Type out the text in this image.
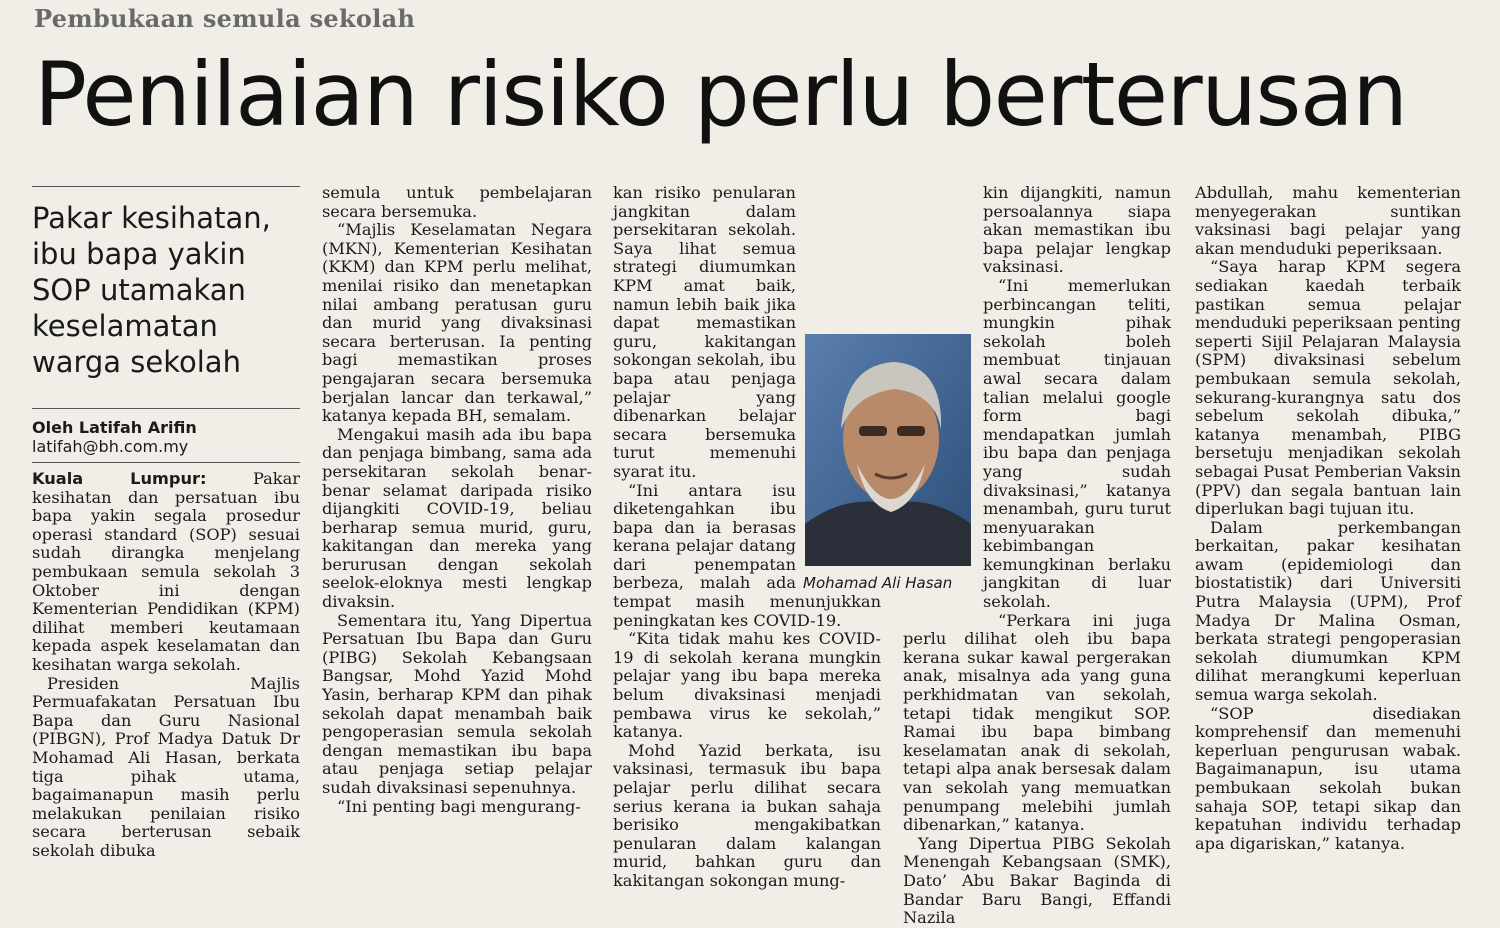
Pembukaan semula sekolah
Penilaian risiko perlu berterusan
Pakar kesihatan, ibu bapa yakin SOP utamakan keselamatan warga sekolah
Oleh Latifah Arifin
latifah@bh.com.my

Kuala Lumpur:	Pakar kesihatan dan persatuan ibu bapa yakin segala prosedur operasi standard (SOP) sesuai sudah dirangka menjelang pembukaan semula sekolah 3 Oktober ini dengan Kementerian Pendidikan (KPM) dilihat memberi keutamaan kepada aspek keselamatan dan kesihatan warga sekolah.

Presiden Majlis Permuafakatan Persatuan Ibu Bapa dan Guru Nasional (PIBGN), Prof Madya Datuk Dr Mohamad Ali Hasan, berkata tiga pihak utama, bagaimanapun masih perlu melakukan penilaian risiko secara berterusan sebaik sekolah dibuka

semula untuk pembelajaran secara bersemuka.

“Majlis Keselamatan Negara (MKN), Kementerian Kesihatan (KKM) dan KPM perlu melihat, menilai risiko dan menetapkan nilai ambang peratusan guru dan murid yang divaksinasi secara berterusan. Ia penting bagi memastikan proses pengajaran secara bersemuka berjalan lancar dan terkawal,” katanya kepada BH, semalam.

Mengakui masih ada ibu bapa dan penjaga bimbang, sama ada persekitaran sekolah benar-benar selamat daripada risiko dijangkiti COVID-19, beliau berharap semua murid, guru, kakitangan dan mereka yang berurusan dengan sekolah seelok-eloknya mesti lengkap divaksin.

Sementara itu, Yang Dipertua Persatuan Ibu Bapa dan Guru (PIBG) Sekolah Kebangsaan Bangsar, Mohd Yazid Mohd Yasin, berharap KPM dan pihak sekolah dapat menambah baik pengoperasian semula sekolah dengan memastikan ibu bapa atau penjaga setiap pelajar sudah divaksinasi sepenuhnya.

“Ini penting bagi mengurang-

kan risiko penularan jangkitan dalam persekitaran sekolah. Saya lihat semua strategi diumumkan KPM amat baik, namun lebih baik jika dapat memastikan guru, kakitangan sokongan sekolah, ibu bapa atau penjaga pelajar yang dibenarkan belajar secara bersemuka turut memenuhi syarat itu.

“Ini antara isu diketengahkan ibu bapa dan ia berasas kerana pelajar datang dari penempatan berbeza, malah ada tempat masih menunjukkan peningkatan kes COVID-19.

“Kita tidak mahu kes COVID-19 di sekolah kerana mungkin pelajar yang ibu bapa mereka belum divaksinasi menjadi pembawa virus ke sekolah,” katanya.

Mohd Yazid berkata, isu vaksinasi, termasuk ibu bapa pelajar perlu dilihat secara serius kerana ia bukan sahaja berisiko mengakibatkan penularan dalam kalangan murid, bahkan guru dan kakitangan sokongan mung-

kin dijangkiti, namun persoalannya siapa akan memastikan ibu bapa pelajar lengkap vaksinasi.

“Ini memerlukan perbincangan teliti, mungkin pihak sekolah boleh membuat tinjauan awal secara dalam talian melalui google form bagi mendapatkan jumlah ibu bapa dan penjaga yang sudah divaksinasi,” katanya menambah, guru turut menyuarakan kebimbangan kemungkinan berlaku jangkitan di luar sekolah.

“Perkara ini juga perlu dilihat oleh ibu bapa kerana sukar kawal pergerakan anak, misalnya ada yang guna perkhidmatan van sekolah, tetapi tidak mengikut SOP. Ramai ibu bapa bimbang keselamatan anak di sekolah, tetapi alpa anak bersesak dalam van sekolah yang memuatkan penumpang melebihi jumlah dibenarkan,” katanya.

Yang Dipertua PIBG Sekolah Menengah Kebangsaan (SMK), Dato’ Abu Bakar Baginda di Bandar Baru Bangi, Effandi Nazila

Abdullah, mahu kementerian menyegerakan suntikan vaksinasi bagi pelajar yang akan menduduki peperiksaan.

“Saya harap KPM segera sediakan kaedah terbaik pastikan semua pelajar menduduki peperiksaan penting seperti Sijil Pelajaran Malaysia (SPM) divaksinasi sebelum pembukaan semula sekolah, sekurang-kurangnya satu dos sebelum sekolah dibuka,” katanya menambah, PIBG bersetuju menjadikan sekolah sebagai Pusat Pemberian Vaksin (PPV) dan segala bantuan lain diperlukan bagi tujuan itu.

Dalam perkembangan berkaitan, pakar kesihatan awam (epidemiologi dan biostatistik) dari Universiti Putra Malaysia (UPM), Prof Madya Dr Malina Osman, berkata strategi pengoperasian sekolah diumumkan KPM dilihat merangkumi keperluan semua warga sekolah.

“SOP disediakan komprehensif dan memenuhi keperluan pengurusan wabak. Bagaimanapun, isu utama pembukaan sekolah bukan sahaja SOP, tetapi sikap dan kepatuhan individu terhadap apa digariskan,” katanya.

Mohamad Ali Hasan
